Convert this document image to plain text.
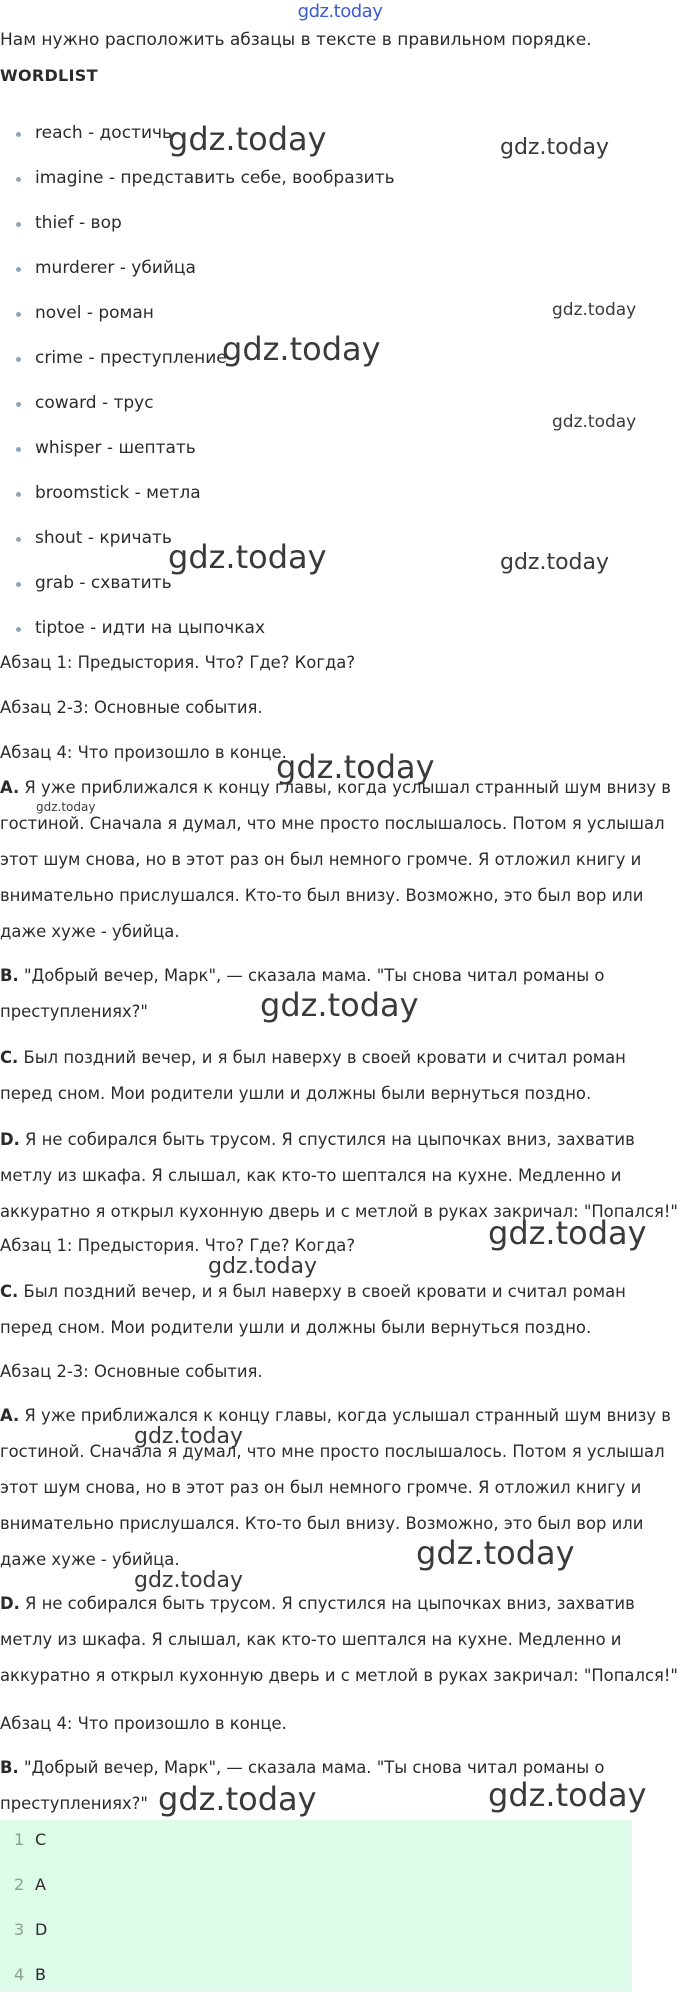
gdz.today

Нам нужно расположить абзацы в тексте в правильном порядке.

WORDLIST

reach - достичь
imagine - представить себе, вообразить
thief - вор
murderer - убийца
novel - роман
crime - преступление
coward - трус
whisper - шептать
broomstick - метла
shout - кричать
grab - схватить
tiptoe - идти на цыпочках

Абзац 1: Предыстория. Что? Где? Когда?

Абзац 2-3: Основные события.

Абзац 4: Что произошло в конце.

A. Я уже приближался к концу главы, когда услышал странный шум внизу в гостиной. Сначала я думал, что мне просто послышалось. Потом я услышал этот шум снова, но в этот раз он был немного громче. Я отложил книгу и внимательно прислушался. Кто-то был внизу. Возможно, это был вор или даже хуже - убийца.

B. "Добрый вечер, Марк", — сказала мама. "Ты снова читал романы о преступлениях?"

C. Был поздний вечер, и я был наверху в своей кровати и считал роман перед сном. Мои родители ушли и должны были вернуться поздно.

D. Я не собирался быть трусом. Я спустился на цыпочках вниз, захватив метлу из шкафа. Я слышал, как кто-то шептался на кухне. Медленно и аккуратно я открыл кухонную дверь и с метлой в руках закричал: "Попался!"

Абзац 1: Предыстория. Что? Где? Когда?

C. Был поздний вечер, и я был наверху в своей кровати и считал роман перед сном. Мои родители ушли и должны были вернуться поздно.

Абзац 2-3: Основные события.

A. Я уже приближался к концу главы, когда услышал странный шум внизу в гостиной. Сначала я думал, что мне просто послышалось. Потом я услышал этот шум снова, но в этот раз он был немного громче. Я отложил книгу и внимательно прислушался. Кто-то был внизу. Возможно, это был вор или даже хуже - убийца.

D. Я не собирался быть трусом. Я спустился на цыпочках вниз, захватив метлу из шкафа. Я слышал, как кто-то шептался на кухне. Медленно и аккуратно я открыл кухонную дверь и с метлой в руках закричал: "Попался!"

Абзац 4: Что произошло в конце.

B. "Добрый вечер, Марк", — сказала мама. "Ты снова читал романы о преступлениях?"

1 C
2 A
3 D
4 B
gdz.today	gdz.today
gdz.today
gdz.today
gdz.today
gdz.today	gdz.today
gdz.today
gdz.today
gdz.today
gdz.today
gdz.today
gdz.today
gdz.today
gdz.today
gdz.today	gdz.today
